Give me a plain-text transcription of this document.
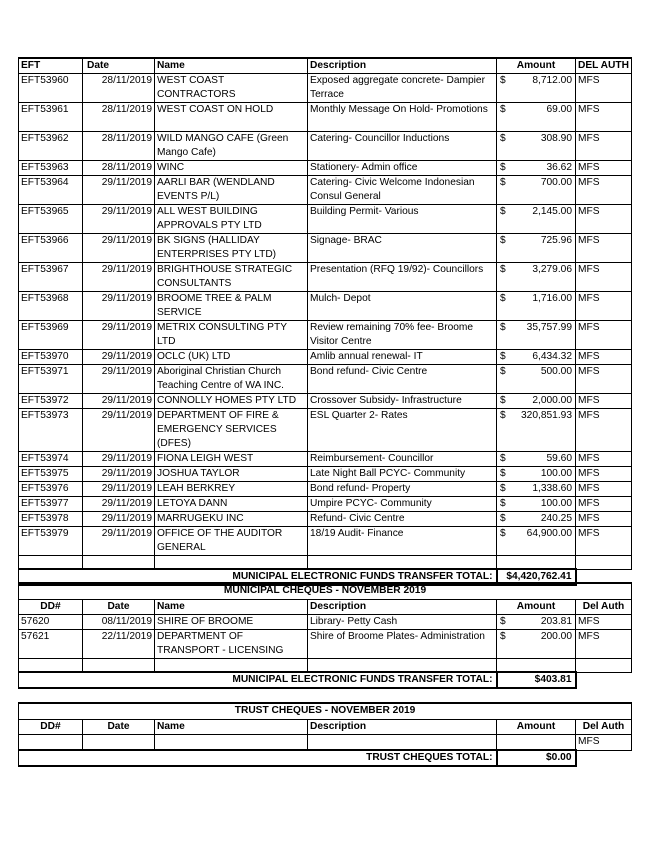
EFT	Date	Name	Description	Amount	DEL AUTH
EFT53960	28/11/2019	WEST COAST CONTRACTORS	Exposed aggregate concrete- Dampier Terrace	$ 8,712.00	MFS
EFT53961	28/11/2019	WEST COAST ON HOLD	Monthly Message On Hold- Promotions	$ 69.00	MFS
EFT53962	28/11/2019	WILD MANGO CAFE (Green Mango Cafe)	Catering- Councillor Inductions	$ 308.90	MFS
EFT53963	28/11/2019	WINC	Stationery- Admin office	$ 36.62	MFS
EFT53964	29/11/2019	AARLI BAR (WENDLAND EVENTS P/L)	Catering- Civic Welcome Indonesian Consul General	$ 700.00	MFS
EFT53965	29/11/2019	ALL WEST BUILDING APPROVALS PTY LTD	Building Permit- Various	$ 2,145.00	MFS
EFT53966	29/11/2019	BK SIGNS (HALLIDAY ENTERPRISES PTY LTD)	Signage- BRAC	$ 725.96	MFS
EFT53967	29/11/2019	BRIGHTHOUSE STRATEGIC CONSULTANTS	Presentation (RFQ 19/92)- Councillors	$ 3,279.06	MFS
EFT53968	29/11/2019	BROOME TREE & PALM SERVICE	Mulch- Depot	$ 1,716.00	MFS
EFT53969	29/11/2019	METRIX CONSULTING PTY LTD	Review remaining 70% fee- Broome Visitor Centre	$ 35,757.99	MFS
EFT53970	29/11/2019	OCLC (UK) LTD	Amlib annual renewal- IT	$ 6,434.32	MFS
EFT53971	29/11/2019	Aboriginal Christian Church Teaching Centre of WA INC.	Bond refund- Civic Centre	$ 500.00	MFS
EFT53972	29/11/2019	CONNOLLY HOMES PTY LTD	Crossover Subsidy- Infrastructure	$ 2,000.00	MFS
EFT53973	29/11/2019	DEPARTMENT OF FIRE & EMERGENCY SERVICES (DFES)	ESL Quarter 2- Rates	$ 320,851.93	MFS
EFT53974	29/11/2019	FIONA LEIGH WEST	Reimbursement- Councillor	$ 59.60	MFS
EFT53975	29/11/2019	JOSHUA TAYLOR	Late Night Ball PCYC- Community	$ 100.00	MFS
EFT53976	29/11/2019	LEAH BERKREY	Bond refund- Property	$ 1,338.60	MFS
EFT53977	29/11/2019	LETOYA DANN	Umpire PCYC- Community	$ 100.00	MFS
EFT53978	29/11/2019	MARRUGEKU INC	Refund- Civic Centre	$ 240.25	MFS
EFT53979	29/11/2019	OFFICE OF THE AUDITOR GENERAL	18/19 Audit- Finance	$ 64,900.00	MFS

MUNICIPAL ELECTRONIC FUNDS TRANSFER TOTAL:				$4,420,762.41	
MUNICIPAL CHEQUES - NOVEMBER 2019					
DD#	Date	Name	Description	Amount	Del Auth
57620	08/11/2019	SHIRE OF BROOME	Library- Petty Cash	$ 203.81	MFS
57621	22/11/2019	DEPARTMENT OF TRANSPORT - LICENSING	Shire of Broome Plates- Administration	$ 200.00	MFS

MUNICIPAL ELECTRONIC FUNDS TRANSFER TOTAL:				$403.81	
TRUST CHEQUES - NOVEMBER 2019					
DD#	Date	Name	Description	Amount	Del Auth
					MFS
TRUST CHEQUES TOTAL:				$0.00	
